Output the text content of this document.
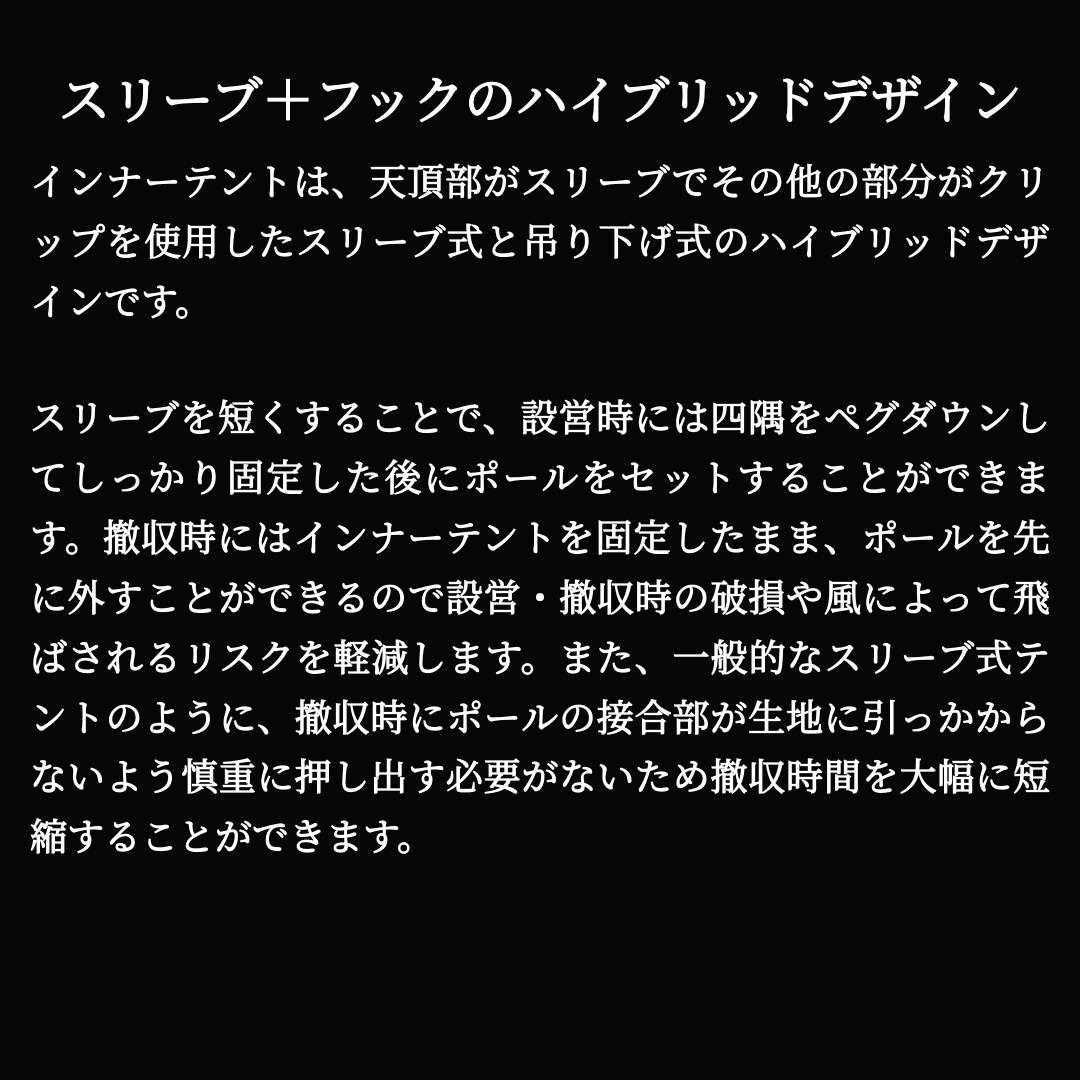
スリーブ＋フックのハイブリッドデザイン

インナーテントは、天頂部がスリーブでその他の部分がクリップを使用したスリーブ式と吊り下げ式のハイブリッドデザインです。

スリーブを短くすることで、設営時には四隅をペグダウンしてしっかり固定した後にポールをセットすることができます。撤収時にはインナーテントを固定したまま、ポールを先に外すことができるので設営・撤収時の破損や風によって飛ばされるリスクを軽減します。また、一般的なスリーブ式テントのように、撤収時にポールの接合部が生地に引っかからないよう慎重に押し出す必要がないため撤収時間を大幅に短縮することができます。
